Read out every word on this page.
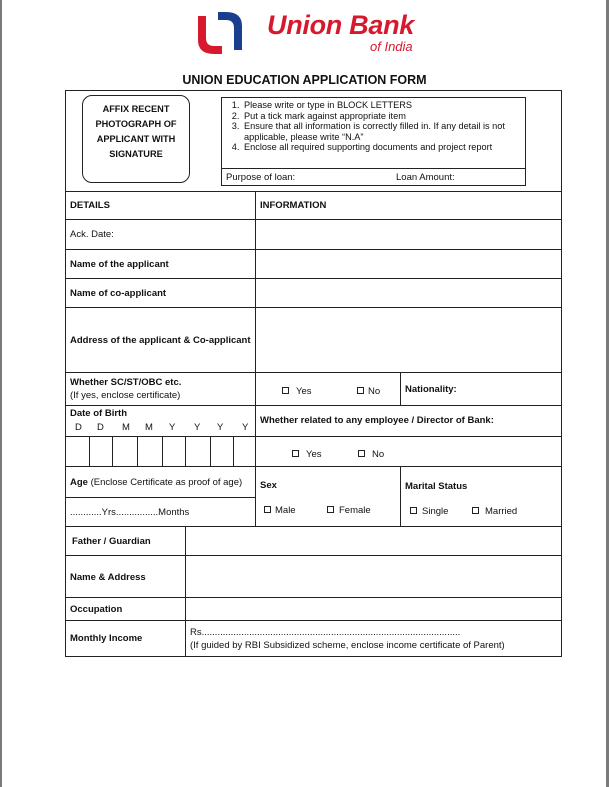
Union Bank
of India
UNION EDUCATION APPLICATION FORM
AFFIX RECENT
PHOTOGRAPH OF
APPLICANT WITH
SIGNATURE
1. Please write or type in BLOCK LETTERS
2. Put a tick mark against appropriate item
3. Ensure that all information is correctly filled in. If any detail is not applicable, please write “N.A”
4. Enclose all required supporting documents and project report
Purpose of loan:	Loan Amount:
DETAILS	INFORMATION
Ack. Date:
Name of the applicant
Name of co-applicant
Address of the applicant & Co-applicant
Whether SC/ST/OBC etc.
(If yes, enclose certificate)	Yes	No	Nationality:
Date of Birth
D D M M Y Y Y Y
Whether related to any employee / Director of Bank:
Yes	No
Age (Enclose Certificate as proof of age)
............Yrs................Months
Sex
Male	Female
Marital Status
Single	Married
Father / Guardian
Name & Address
Occupation
Monthly Income
Rs..................................................................................................
(If guided by RBI Subsidized scheme, enclose income certificate of Parent)
